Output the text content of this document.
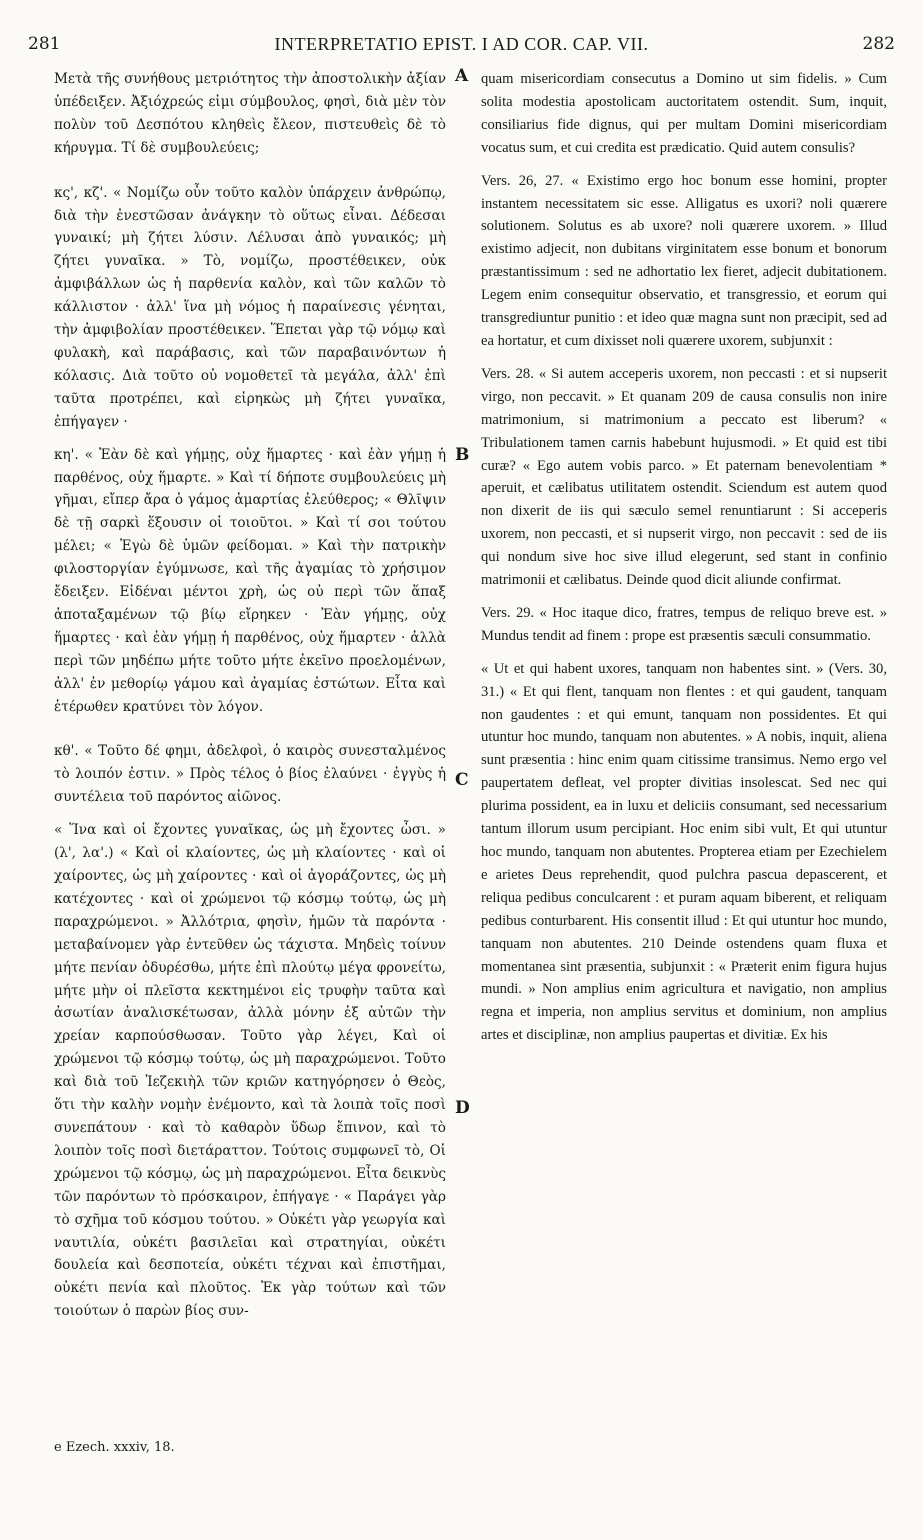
281	INTERPRETATIO EPIST. I AD COR. CAP. VII.	282

Μετὰ τῆς συνήθους μετριότητος τὴν ἀποστολικὴν ἀξίαν ὑπέδειξεν. Ἀξιόχρεώς εἰμι σύμβουλος, φησὶ, διὰ μὲν τὸν πολὺν τοῦ Δεσπότου κληθεὶς ἔλεον, πιστευθεὶς δὲ τὸ κήρυγμα. Τί δὲ συμβουλεύεις;

κς', κζ'. « Νομίζω οὖν τοῦτο καλὸν ὑπάρχειν ἀνθρώπῳ, διὰ τὴν ἐνεστῶσαν ἀνάγκην τὸ οὕτως εἶναι. Δέδεσαι γυναικί; μὴ ζήτει λύσιν. Λέλυσαι ἀπὸ γυναικός; μὴ ζήτει γυναῖκα. » Τὸ, νομίζω, προστέθεικεν, οὐκ ἀμφιβάλλων ὡς ἡ παρθενία καλὸν, καὶ τῶν καλῶν τὸ κάλλιστον · ἀλλ' ἵνα μὴ νόμος ἡ παραίνεσις γένηται, τὴν ἀμφιβολίαν προστέθεικεν. Ἕπεται γὰρ τῷ νόμῳ καὶ φυλακὴ, καὶ παράβασις, καὶ τῶν παραβαινόντων ἡ κόλασις. Διὰ τοῦτο οὐ νομοθετεῖ τὰ μεγάλα, ἀλλ' ἐπὶ ταῦτα προτρέπει, καὶ εἰρηκὼς μὴ ζήτει γυναῖκα, ἐπήγαγεν ·

κη'. « Ἐὰν δὲ καὶ γήμῃς, οὐχ ἥμαρτες · καὶ ἐὰν γήμῃ ἡ παρθένος, οὐχ ἥμαρτε. » Καὶ τί δήποτε συμβουλεύεις μὴ γῆμαι, εἴπερ ἄρα ὁ γάμος ἁμαρτίας ἐλεύθερος; « Θλῖψιν δὲ τῇ σαρκὶ ἕξουσιν οἱ τοιοῦτοι. » Καὶ τί σοι τούτου μέλει; « Ἐγὼ δὲ ὑμῶν φείδομαι. » Καὶ τὴν πατρικὴν φιλοστοργίαν ἐγύμνωσε, καὶ τῆς ἀγαμίας τὸ χρήσιμον ἔδειξεν. Εἰδέναι μέντοι χρὴ, ὡς οὐ περὶ τῶν ἅπαξ ἀποταξαμένων τῷ βίῳ εἴρηκεν · Ἐὰν γήμῃς, οὐχ ἥμαρτες · καὶ ἐὰν γήμῃ ἡ παρθένος, οὐχ ἥμαρτεν · ἀλλὰ περὶ τῶν μηδέπω μήτε τοῦτο μήτε ἐκεῖνο προελομένων, ἀλλ' ἐν μεθορίῳ γάμου καὶ ἀγαμίας ἑστώτων. Εἶτα καὶ ἑτέρωθεν κρατύνει τὸν λόγον.

κθ'. « Τοῦτο δέ φημι, ἀδελφοὶ, ὁ καιρὸς συνεσταλμένος τὸ λοιπόν ἐστιν. » Πρὸς τέλος ὁ βίος ἐλαύνει · ἐγγὺς ἡ συντέλεια τοῦ παρόντος αἰῶνος.

« Ἵνα καὶ οἱ ἔχοντες γυναῖκας, ὡς μὴ ἔχοντες ὦσι. » (λ', λα'.) « Καὶ οἱ κλαίοντες, ὡς μὴ κλαίοντες · καὶ οἱ χαίροντες, ὡς μὴ χαίροντες · καὶ οἱ ἀγοράζοντες, ὡς μὴ κατέχοντες · καὶ οἱ χρώμενοι τῷ κόσμῳ τούτῳ, ὡς μὴ παραχρώμενοι. » Ἀλλότρια, φησὶν, ἡμῶν τὰ παρόντα · μεταβαίνομεν γὰρ ἐντεῦθεν ὡς τάχιστα. Μηδεὶς τοίνυν μήτε πενίαν ὀδυρέσθω, μήτε ἐπὶ πλούτῳ μέγα φρονείτω, μήτε μὴν οἱ πλεῖστα κεκτημένοι εἰς τρυφὴν ταῦτα καὶ ἀσωτίαν ἀναλισκέτωσαν, ἀλλὰ μόνην ἐξ αὐτῶν τὴν χρείαν καρπούσθωσαν. Τοῦτο γὰρ λέγει, Καὶ οἱ χρώμενοι τῷ κόσμῳ τούτῳ, ὡς μὴ παραχρώμενοι. Τοῦτο καὶ διὰ τοῦ Ἰεζεκιὴλ τῶν κριῶν κατηγόρησεν ὁ Θεὸς, ὅτι τὴν καλὴν νομὴν ἐνέμοντο, καὶ τὰ λοιπὰ τοῖς ποσὶ συνεπάτουν · καὶ τὸ καθαρὸν ὕδωρ ἔπινον, καὶ τὸ λοιπὸν τοῖς ποσὶ διετάραττον. Τούτοις συμφωνεῖ τὸ, Οἱ χρώμενοι τῷ κόσμῳ, ὡς μὴ παραχρώμενοι. Εἶτα δεικνὺς τῶν παρόντων τὸ πρόσκαιρον, ἐπήγαγε · « Παράγει γὰρ τὸ σχῆμα τοῦ κόσμου τούτου. » Οὐκέτι γὰρ γεωργία καὶ ναυτιλία, οὐκέτι βασιλεῖαι καὶ στρατηγίαι, οὐκέτι δουλεία καὶ δεσποτεία, οὐκέτι τέχναι καὶ ἐπιστῆμαι, οὐκέτι πενία καὶ πλοῦτος. Ἐκ γὰρ τούτων καὶ τῶν τοιούτων ὁ παρὼν βίος συν-

A
B
C
D

quam misericordiam consecutus a Domino ut sim fidelis. » Cum solita modestia apostolicam auctoritatem ostendit. Sum, inquit, consiliarius fide dignus, qui per multam Domini misericordiam vocatus sum, et cui credita est prædicatio. Quid autem consulis?

Vers. 26, 27. « Existimo ergo hoc bonum esse homini, propter instantem necessitatem sic esse. Alligatus es uxori? noli quærere solutionem. Solutus es ab uxore? noli quærere uxorem. » Illud existimo adjecit, non dubitans virginitatem esse bonum et bonorum præstantissimum : sed ne adhortatio lex fieret, adjecit dubitationem. Legem enim consequitur observatio, et transgressio, et eorum qui transgrediuntur punitio : et ideo quæ magna sunt non præcipit, sed ad ea hortatur, et cum dixisset noli quærere uxorem, subjunxit :

Vers. 28. « Si autem acceperis uxorem, non peccasti : et si nupserit virgo, non peccavit. » Et quanam 209 de causa consulis non inire matrimonium, si matrimonium a peccato est liberum? « Tribulationem tamen carnis habebunt hujusmodi. » Et quid est tibi curæ? « Ego autem vobis parco. » Et paternam benevolentiam * aperuit, et cælibatus utilitatem ostendit. Sciendum est autem quod non dixerit de iis qui sæculo semel renuntiarunt : Si acceperis uxorem, non peccasti, et si nupserit virgo, non peccavit : sed de iis qui nondum sive hoc sive illud elegerunt, sed stant in confinio matrimonii et cælibatus. Deinde quod dicit aliunde confirmat.

Vers. 29. « Hoc itaque dico, fratres, tempus de reliquo breve est. » Mundus tendit ad finem : prope est præsentis sæculi consummatio.

« Ut et qui habent uxores, tanquam non habentes sint. » (Vers. 30, 31.) « Et qui flent, tanquam non flentes : et qui gaudent, tanquam non gaudentes : et qui emunt, tanquam non possidentes. Et qui utuntur hoc mundo, tanquam non abutentes. » A nobis, inquit, aliena sunt præsentia : hinc enim quam citissime transimus. Nemo ergo vel paupertatem defleat, vel propter divitias insolescat. Sed nec qui plurima possident, ea in luxu et deliciis consumant, sed necessarium tantum illorum usum percipiant. Hoc enim sibi vult, Et qui utuntur hoc mundo, tanquam non abutentes. Propterea etiam per Ezechielem e arietes Deus reprehendit, quod pulchra pascua depascerent, et reliqua pedibus conculcarent : et puram aquam biberent, et reliquam pedibus conturbarent. His consentit illud : Et qui utuntur hoc mundo, tanquam non abutentes. 210 Deinde ostendens quam fluxa et momentanea sint præsentia, subjunxit : « Præterit enim figura hujus mundi. » Non amplius enim agricultura et navigatio, non amplius regna et imperia, non amplius servitus et dominium, non amplius artes et disciplinæ, non amplius paupertas et divitiæ. Ex his

e Ezech. xxxiv, 18.
